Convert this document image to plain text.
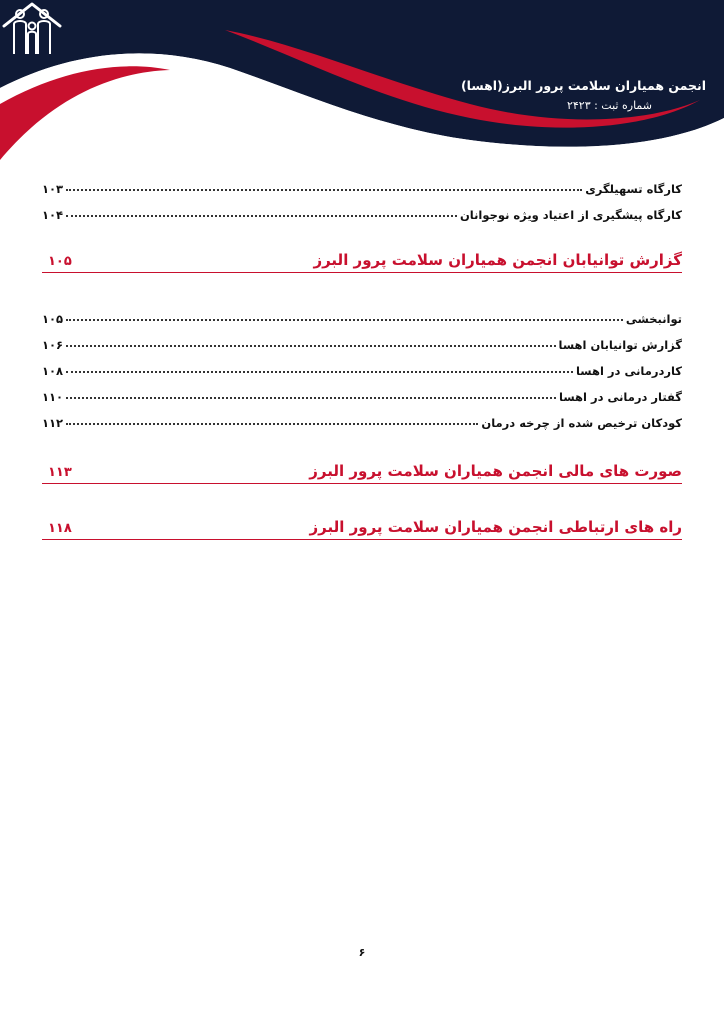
انجمن همیاران سلامت پرور البرز(اهسا)
شماره ثبت : ۲۴۲۳
کارگاه تسهیلگری
۱۰۳
کارگاه پیشگیری از اعتیاد ویژه نوجوانان
۱۰۴
گزارش توانیابان انجمن همیاران سلامت پرور البرز
۱۰۵
توانبخشی
۱۰۵
گزارش توانیابان اهسا
۱۰۶
کاردرمانی در اهسا
۱۰۸
گفتار درمانی در اهسا
۱۱۰
کودکان ترخیص شده از چرخه درمان
۱۱۲
صورت های مالی انجمن همیاران سلامت پرور البرز
۱۱۳
راه های ارتباطی انجمن همیاران سلامت پرور البرز
۱۱۸
۶
